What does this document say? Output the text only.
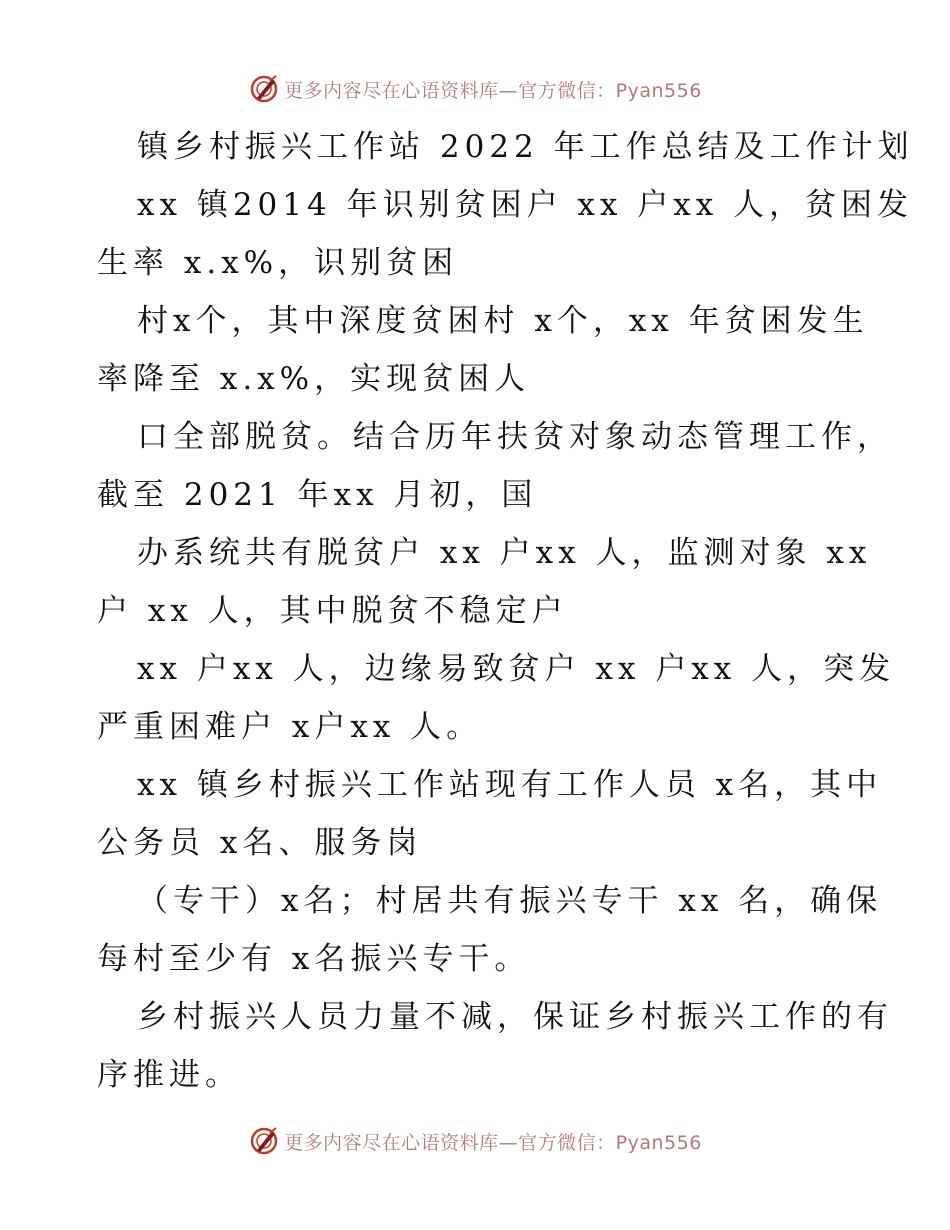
更多内容尽在心语资料库—官方微信：Pyan556

镇乡村振兴工作站 2022 年工作总结及工作计划

xx 镇2014 年识别贫困户 xx 户xx 人，贫困发

生率 x.x%，识别贫困

村x个，其中深度贫困村 x个，xx 年贫困发生

率降至 x.x%，实现贫困人

口全部脱贫。结合历年扶贫对象动态管理工作，

截至 2021 年xx 月初，国

办系统共有脱贫户 xx 户xx 人，监测对象 xx

户 xx 人，其中脱贫不稳定户

xx 户xx 人，边缘易致贫户 xx 户xx 人，突发

严重困难户 x户xx 人。

xx 镇乡村振兴工作站现有工作人员 x名，其中

公务员 x名、服务岗

（专干）x名；村居共有振兴专干 xx 名，确保

每村至少有 x名振兴专干。

乡村振兴人员力量不减，保证乡村振兴工作的有

序推进。

更多内容尽在心语资料库—官方微信：Pyan556
